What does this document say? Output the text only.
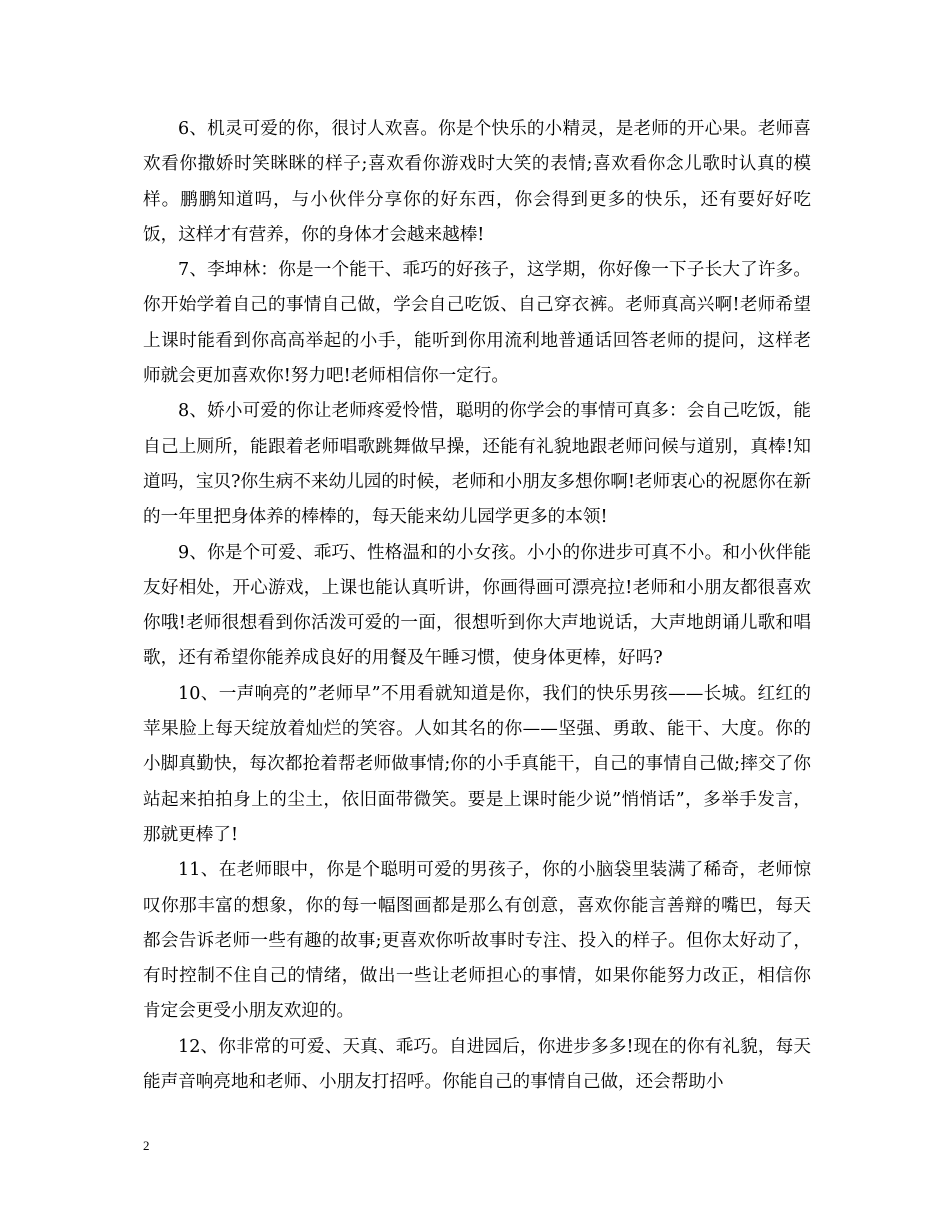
6、机灵可爱的你，很讨人欢喜。你是个快乐的小精灵，是老师的开心果。老师喜欢看你撒娇时笑眯眯的样子;喜欢看你游戏时大笑的表情;喜欢看你念儿歌时认真的模样。鹏鹏知道吗，与小伙伴分享你的好东西，你会得到更多的快乐，还有要好好吃饭，这样才有营养，你的身体才会越来越棒!

7、李坤林：你是一个能干、乖巧的好孩子，这学期，你好像一下子长大了许多。你开始学着自己的事情自己做，学会自己吃饭、自己穿衣裤。老师真高兴啊!老师希望上课时能看到你高高举起的小手，能听到你用流利地普通话回答老师的提问，这样老师就会更加喜欢你!努力吧!老师相信你一定行。

8、娇小可爱的你让老师疼爱怜惜，聪明的你学会的事情可真多：会自己吃饭，能自己上厕所，能跟着老师唱歌跳舞做早操，还能有礼貌地跟老师问候与道别，真棒!知道吗，宝贝?你生病不来幼儿园的时候，老师和小朋友多想你啊!老师衷心的祝愿你在新的一年里把身体养的棒棒的，每天能来幼儿园学更多的本领!

9、你是个可爱、乖巧、性格温和的小女孩。小小的你进步可真不小。和小伙伴能友好相处，开心游戏，上课也能认真听讲，你画得画可漂亮拉!老师和小朋友都很喜欢你哦!老师很想看到你活泼可爱的一面，很想听到你大声地说话，大声地朗诵儿歌和唱歌，还有希望你能养成良好的用餐及午睡习惯，使身体更棒，好吗?

10、一声响亮的”老师早”不用看就知道是你，我们的快乐男孩——长城。红红的苹果脸上每天绽放着灿烂的笑容。人如其名的你——坚强、勇敢、能干、大度。你的小脚真勤快，每次都抢着帮老师做事情;你的小手真能干，自己的事情自己做;摔交了你站起来拍拍身上的尘土，依旧面带微笑。要是上课时能少说”悄悄话”，多举手发言，那就更棒了!

11、在老师眼中，你是个聪明可爱的男孩子，你的小脑袋里装满了稀奇，老师惊叹你那丰富的想象，你的每一幅图画都是那么有创意，喜欢你能言善辩的嘴巴，每天都会告诉老师一些有趣的故事;更喜欢你听故事时专注、投入的样子。但你太好动了，有时控制不住自己的情绪，做出一些让老师担心的事情，如果你能努力改正，相信你肯定会更受小朋友欢迎的。

12、你非常的可爱、天真、乖巧。自进园后，你进步多多!现在的你有礼貌，每天能声音响亮地和老师、小朋友打招呼。你能自己的事情自己做，还会帮助小

2
